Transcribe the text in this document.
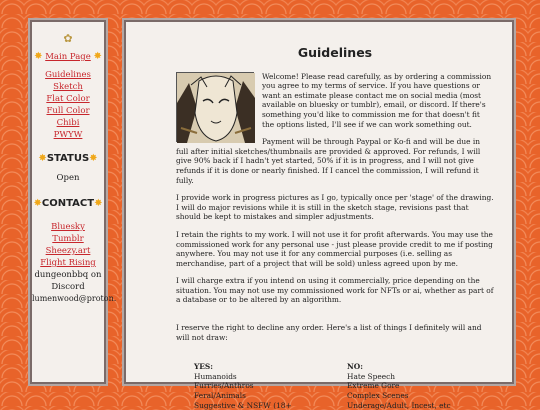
✿
✸ Main Page ✸
Guidelines
Sketch
Flat Color
Full Color
Chibi
PWYW
✸STATUS✸
Open
✸CONTACT✸
Bluesky
Tumblr
Sheezy.art
Flight Rising
dungeonbbq on
Discord
lumenwood@proton.
Guidelines

Welcome! Please read carefully, as by ordering a commission you agree to my terms of service. If you have questions or want an estimate please contact me on social media (most available on bluesky or tumblr), email, or discord. If there's something you'd like to commission me for that doesn't fit the options listed, I'll see if we can work something out.

Payment will be through Paypal or Ko-fi and will be due in full after initial sketches/thumbnails are provided & approved. For refunds, I will give 90% back if I hadn't yet started, 50% if it is in progress, and I will not give refunds if it is done or nearly finished. If I cancel the commission, I will refund it fully.

I provide work in progress pictures as I go, typically once per 'stage' of the drawing. I will do major revisions while it is still in the sketch stage, revisions past that should be kept to mistakes and simpler adjustments.

I retain the rights to my work. I will not use it for profit afterwards. You may use the commissioned work for any personal use - just please provide credit to me if posting anywhere. You may not use it for any commercial purposes (i.e. selling as merchandise, part of a project that will be sold) unless agreed upon by me.

I will charge extra if you intend on using it commercially, price depending on the situation. You may not use my commissioned work for NFTs or ai, whether as part of a database or to be altered by an algorithm.

I reserve the right to decline any order. Here's a list of things I definitely will and will not draw:

YES:
Humanoids
Furries/Anthros
Feral/Animals
Suggestive & NSFW (18+
NO:
Hate Speech
Extreme Gore
Complex Scenes
Underage/Adult, Incest, etc
